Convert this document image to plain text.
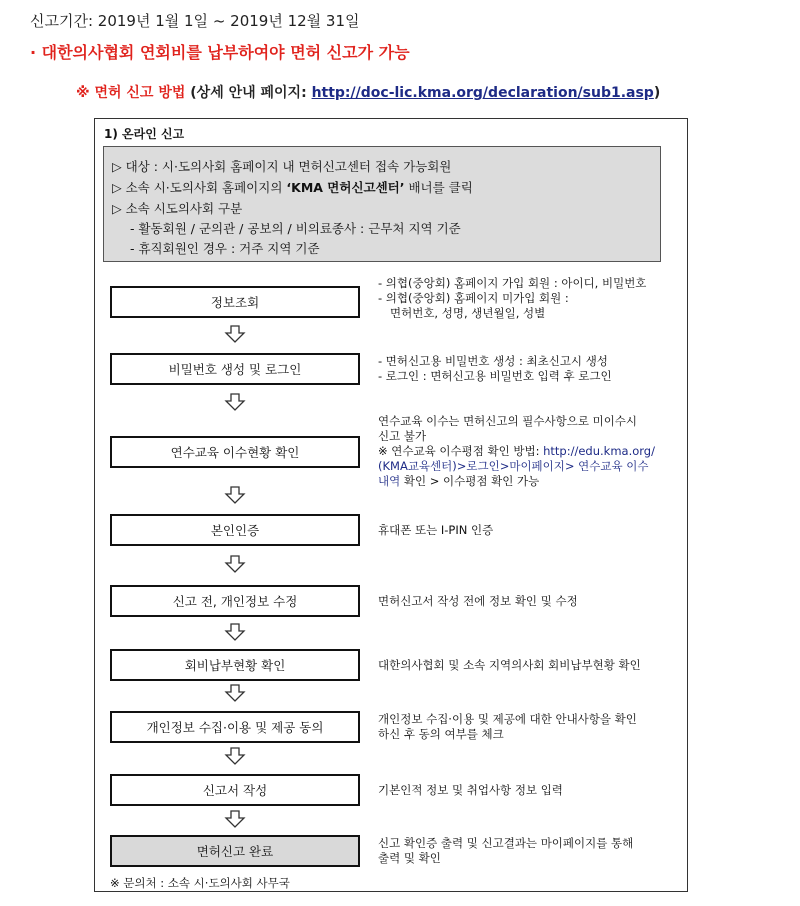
신고기간: 2019년 1월 1일 ~ 2019년 12월 31일
· 대한의사협회 연회비를 납부하여야 면허 신고가 가능
※ 면허 신고 방법 (상세 안내 페이지: http://doc-lic.kma.org/declaration/sub1.asp)
1) 온라인 신고
▷ 대상 : 시·도의사회 홈페이지 내 면허신고센터 접속 가능회원
▷ 소속 시·도의사회 홈페이지의 ‘KMA 면허신고센터’ 배너를 클릭
▷ 소속 시도의사회 구분
- 활동회원 / 군의관 / 공보의 / 비의료종사 : 근무처 지역 기준
- 휴직회원인 경우 : 거주 지역 기준
정보조회
비밀번호 생성 및 로그인
연수교육 이수현황 확인
본인인증
신고 전, 개인정보 수정
회비납부현황 확인
개인정보 수집·이용 및 제공 동의
신고서 작성
면허신고 완료
- 의협(중앙회) 홈페이지 가입 회원 : 아이디, 비밀번호
- 의협(중앙회) 홈페이지 미가입 회원 :
면허번호, 성명, 생년월일, 성별
- 면허신고용 비밀번호 생성 : 최초신고시 생성
- 로그인 : 면허신고용 비밀번호 입력 후 로그인
연수교육 이수는 면허신고의 필수사항으로 미이수시
신고 불가
※ 연수교육 이수평점 확인 방법: http://edu.kma.org/
(KMA교육센터)>로그인>마이페이지> 연수교육 이수
내역 확인 > 이수평점 확인 가능
휴대폰 또는 I-PIN 인증
면허신고서 작성 전에 정보 확인 및 수정
대한의사협회 및 소속 지역의사회 회비납부현황 확인
개인정보 수집·이용 및 제공에 대한 안내사항을 확인
하신 후 동의 여부를 체크
기본인적 정보 및 취업사항 정보 입력
신고 확인증 출력 및 신고결과는 마이페이지를 통해
출력 및 확인
※ 문의처 : 소속 시·도의사회 사무국
